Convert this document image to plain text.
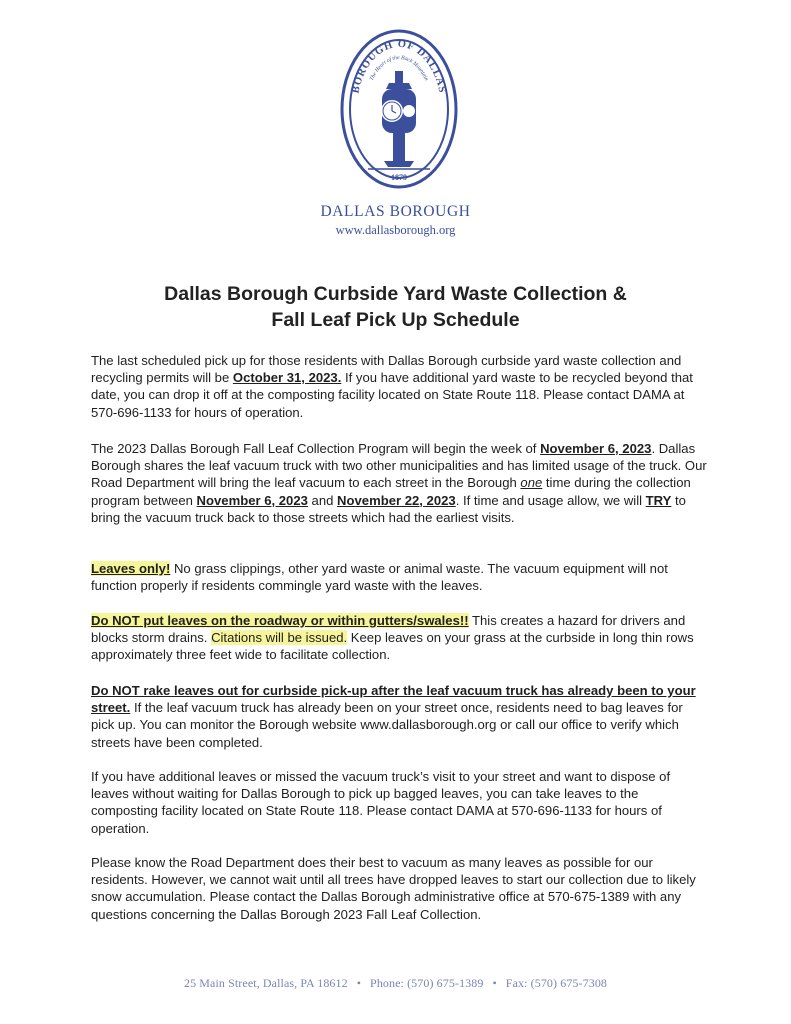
BOROUGH OF DALLAS
The Heart of the Back Mountain
1879
DALLAS BOROUGH
www.dallasborough.org
Dallas Borough Curbside Yard Waste Collection &
Fall Leaf Pick Up Schedule

The last scheduled pick up for those residents with Dallas Borough curbside yard waste collection and recycling permits will be October 31, 2023. If you have additional yard waste to be recycled beyond that date, you can drop it off at the composting facility located on State Route 118. Please contact DAMA at 570-696-1133 for hours of operation.

The 2023 Dallas Borough Fall Leaf Collection Program will begin the week of November 6, 2023. Dallas Borough shares the leaf vacuum truck with two other municipalities and has limited usage of the truck. Our Road Department will bring the leaf vacuum to each street in the Borough one time during the collection program between November 6, 2023 and November 22, 2023. If time and usage allow, we will TRY to bring the vacuum truck back to those streets which had the earliest visits.

Leaves only! No grass clippings, other yard waste or animal waste. The vacuum equipment will not function properly if residents commingle yard waste with the leaves.

Do NOT put leaves on the roadway or within gutters/swales!! This creates a hazard for drivers and blocks storm drains. Citations will be issued. Keep leaves on your grass at the curbside in long thin rows approximately three feet wide to facilitate collection.

Do NOT rake leaves out for curbside pick-up after the leaf vacuum truck has already been to your street. If the leaf vacuum truck has already been on your street once, residents need to bag leaves for pick up. You can monitor the Borough website www.dallasborough.org or call our office to verify which streets have been completed.

If you have additional leaves or missed the vacuum truck’s visit to your street and want to dispose of leaves without waiting for Dallas Borough to pick up bagged leaves, you can take leaves to the composting facility located on State Route 118. Please contact DAMA at 570-696-1133 for hours of operation.

Please know the Road Department does their best to vacuum as many leaves as possible for our residents. However, we cannot wait until all trees have dropped leaves to start our collection due to likely snow accumulation. Please contact the Dallas Borough administrative office at 570-675-1389 with any questions concerning the Dallas Borough 2023 Fall Leaf Collection.

25 Main Street, Dallas, PA 18612 • Phone: (570) 675-1389 • Fax: (570) 675-7308
